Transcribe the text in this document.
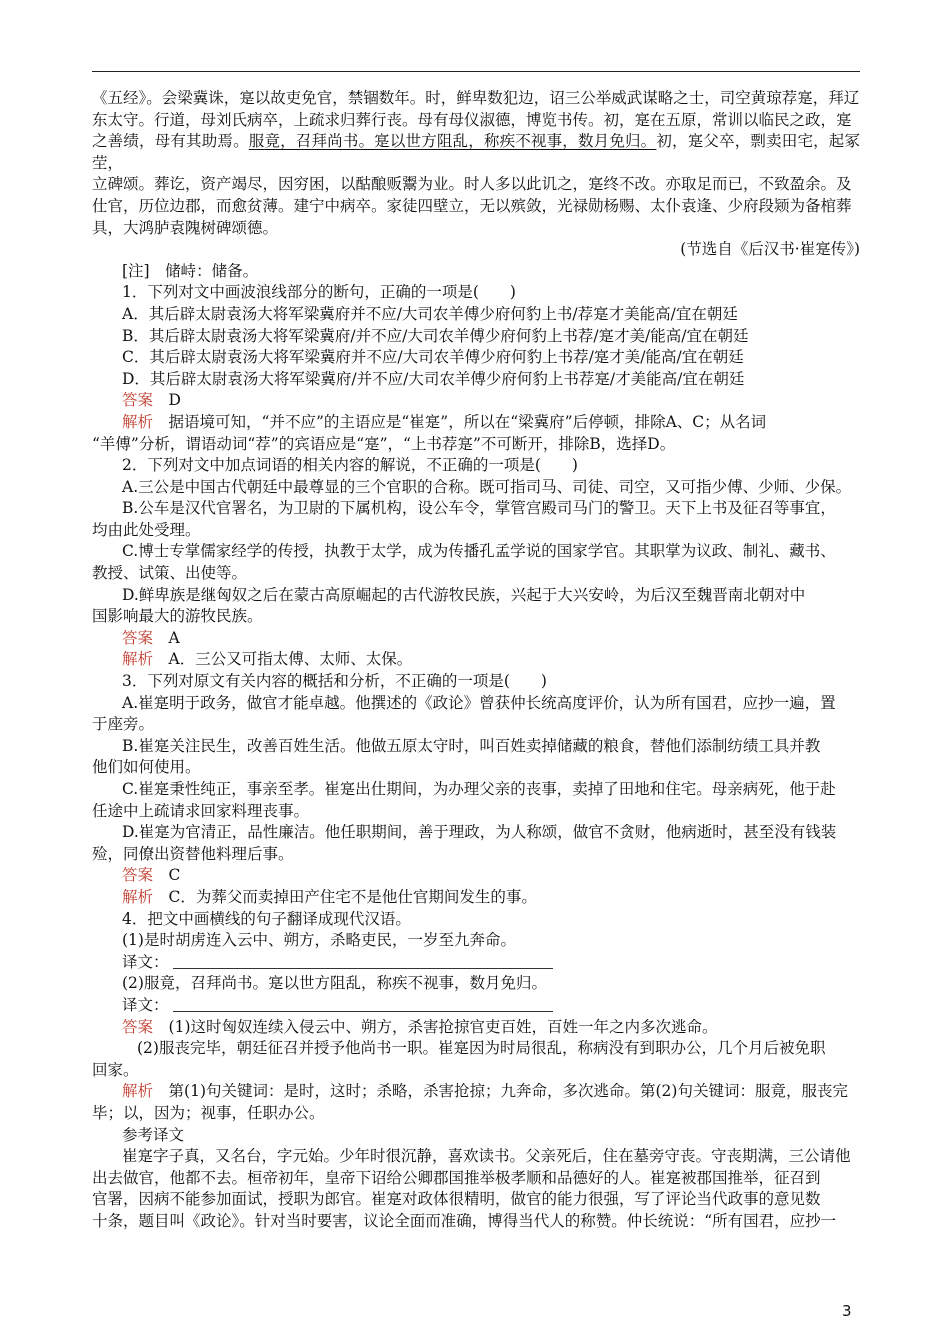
《五经》。会梁冀诛，寔以故吏免官，禁锢数年。时，鲜卑数犯边，诏三公举威武谋略之士，司空黄琼荐寔，拜辽

东太守。行道，母刘氏病卒，上疏求归葬行丧。母有母仪淑德，博览书传。初，寔在五原，常训以临民之政，寔

之善绩，母有其助焉。服竟，召拜尚书。寔以世方阻乱，称疾不视事，数月免归。初，寔父卒，剽卖田宅，起冢茔，

立碑颂。葬讫，资产竭尽，因穷困，以酤酿贩鬻为业。时人多以此讥之，寔终不改。亦取足而已，不致盈余。及

仕官，历位边郡，而愈贫薄。建宁中病卒。家徒四壁立，无以殡敛，光禄勋杨赐、太仆袁逢、少府段颎为备棺葬

具，大鸿胪袁隗树碑颂德。

(节选自《后汉书·崔寔传》)

[注]　储峙：储备。

1．下列对文中画波浪线部分的断句，正确的一项是(　　)

A．其后辟太尉袁汤大将军梁冀府并不应/大司农羊傅少府何豹上书/荐寔才美能高/宜在朝廷

B．其后辟太尉袁汤大将军梁冀府/并不应/大司农羊傅少府何豹上书荐/寔才美/能高/宜在朝廷

C．其后辟太尉袁汤大将军梁冀府并不应/大司农羊傅少府何豹上书荐/寔才美/能高/宜在朝廷

D．其后辟太尉袁汤大将军梁冀府/并不应/大司农羊傅少府何豹上书荐寔/才美能高/宜在朝廷

答案　 D

解析　 据语境可知，“并不应”的主语应是“崔寔”，所以在“梁冀府”后停顿，排除A、C；从名词

“羊傅”分析，谓语动词“荐”的宾语应是“寔”，“上书荐寔”不可断开，排除B，选择D。

2．下列对文中加点词语的相关内容的解说，不正确的一项是(　　)

A.三公是中国古代朝廷中最尊显的三个官职的合称。既可指司马、司徒、司空，又可指少傅、少师、少保。

B.公车是汉代官署名，为卫尉的下属机构，设公车令，掌管宫殿司马门的警卫。天下上书及征召等事宜，

均由此处受理。

C.博士专掌儒家经学的传授，执教于太学，成为传播孔孟学说的国家学官。其职掌为议政、制礼、藏书、

教授、试策、出使等。

D.鲜卑族是继匈奴之后在蒙古高原崛起的古代游牧民族，兴起于大兴安岭，为后汉至魏晋南北朝对中

国影响最大的游牧民族。

答案　 A

解析　 A．三公又可指太傅、太师、太保。

3．下列对原文有关内容的概括和分析，不正确的一项是(　　)

A.崔寔明于政务，做官才能卓越。他撰述的《政论》曾获仲长统高度评价，认为所有国君，应抄一遍，置

于座旁。

B.崔寔关注民生，改善百姓生活。他做五原太守时，叫百姓卖掉储藏的粮食，替他们添制纺绩工具并教

他们如何使用。

C.崔寔秉性纯正，事亲至孝。崔寔出仕期间，为办理父亲的丧事，卖掉了田地和住宅。母亲病死，他于赴

任途中上疏请求回家料理丧事。

D.崔寔为官清正，品性廉洁。他任职期间，善于理政，为人称颂，做官不贪财，他病逝时，甚至没有钱装

殓，同僚出资替他料理后事。

答案　 C

解析　 C．为葬父而卖掉田产住宅不是他仕官期间发生的事。

4．把文中画横线的句子翻译成现代汉语。

(1)是时胡虏连入云中、朔方，杀略吏民，一岁至九奔命。

译文：

(2)服竟，召拜尚书。寔以世方阻乱，称疾不视事，数月免归。

译文：

答案　 (1)这时匈奴连续入侵云中、朔方，杀害抢掠官吏百姓，百姓一年之内多次逃命。

(2)服丧完毕，朝廷征召并授予他尚书一职。崔寔因为时局很乱，称病没有到职办公，几个月后被免职

回家。

解析　 第(1)句关键词：是时，这时；杀略，杀害抢掠；九奔命，多次逃命。第(2)句关键词：服竟，服丧完

毕；以，因为；视事，任职办公。

参考译文

崔寔字子真，又名台，字元始。少年时很沉静，喜欢读书。父亲死后，住在墓旁守丧。守丧期满，三公请他

出去做官，他都不去。桓帝初年，皇帝下诏给公卿郡国推举极孝顺和品德好的人。崔寔被郡国推举，征召到

官署，因病不能参加面试，授职为郎官。崔寔对政体很精明，做官的能力很强，写了评论当代政事的意见数

十条，题目叫《政论》。针对当时要害，议论全面而准确，博得当代人的称赞。仲长统说：“所有国君，应抄一

3
